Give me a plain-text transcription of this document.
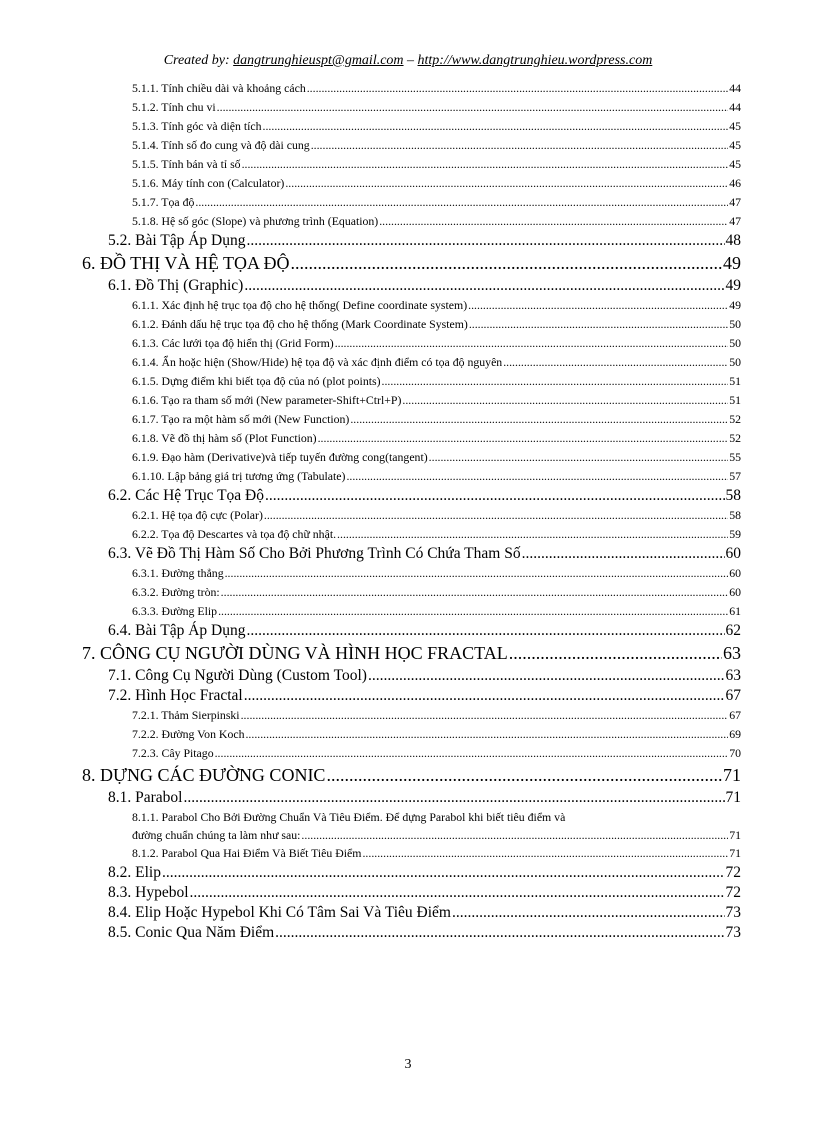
Created by: dangtrunghieuspt@gmail.com – http://www.dangtrunghieu.wordpress.com
5.1.1. Tính chiều dài và khoảng cách .....	44
5.1.2. Tính chu vi .....	44
5.1.3. Tính góc và diện tích .....	45
5.1.4. Tính số đo cung và độ dài cung .....	45
5.1.5. Tính bán và tỉ số .....	45
5.1.6. Máy tính con (Calculator) .....	46
5.1.7. Tọa độ .....	47
5.1.8. Hệ số góc (Slope) và phương trình (Equation) .....	47
5.2. Bài Tập Áp Dụng .....	48
6. ĐỒ THỊ VÀ HỆ TỌA ĐỘ .....	49
6.1. Đồ Thị (Graphic) .....	49
6.1.1. Xác định hệ trục tọa độ cho hệ thống( Define coordinate system) .....	49
6.1.2. Đánh dấu hệ trục tọa độ cho hệ thống (Mark Coordinate System) .....	50
6.1.3. Các lưới tọa độ hiển thị (Grid Form) .....	50
6.1.4. Ẩn hoặc hiện (Show/Hide) hệ tọa độ và xác định điểm có tọa độ nguyên .....	50
6.1.5. Dựng điểm khi biết tọa độ của nó (plot points) .....	51
6.1.6. Tạo ra tham số mới (New parameter-Shift+Ctrl+P) .....	51
6.1.7. Tạo ra một hàm số mới (New Function) .....	52
6.1.8. Vẽ đồ thị hàm số (Plot Function) .....	52
6.1.9. Đạo hàm (Derivative)và tiếp tuyến đường cong(tangent) .....	55
6.1.10. Lập bảng giá trị tương ứng (Tabulate) .....	57
6.2. Các Hệ Trục Tọa Độ .....	58
6.2.1. Hệ tọa độ cực (Polar) .....	58
6.2.2. Tọa độ Descartes và tọa độ chữ nhật. .....	59
6.3. Vẽ Đồ Thị Hàm Số Cho Bởi Phương Trình Có Chứa Tham Số .....	60
6.3.1. Đường thẳng .....	60
6.3.2. Đường tròn: .....	60
6.3.3. Đường Elip .....	61
6.4. Bài Tập Áp Dụng .....	62
7. CÔNG CỤ NGƯỜI DÙNG VÀ HÌNH HỌC FRACTAL .....	63
7.1. Công Cụ Người Dùng (Custom Tool) .....	63
7.2. Hình Học Fractal .....	67
7.2.1. Thảm Sierpinski .....	67
7.2.2. Đường Von Koch .....	69
7.2.3. Cây Pitago .....	70
8. DỰNG CÁC ĐƯỜNG CONIC .....	71
8.1. Parabol .....	71
8.1.1. Parabol Cho Bởi Đường Chuẩn Và Tiêu Điểm. Để dựng Parabol khi biết tiêu điểm và
đường chuẩn chúng ta làm như sau: .....	71
8.1.2. Parabol Qua Hai Điểm Và Biết Tiêu Điểm .....	71
8.2. Elip .....	72
8.3. Hypebol .....	72
8.4. Elip Hoặc Hypebol Khi Có Tâm Sai Và Tiêu Điểm .....	73
8.5. Conic Qua Năm Điểm .....	73
3
